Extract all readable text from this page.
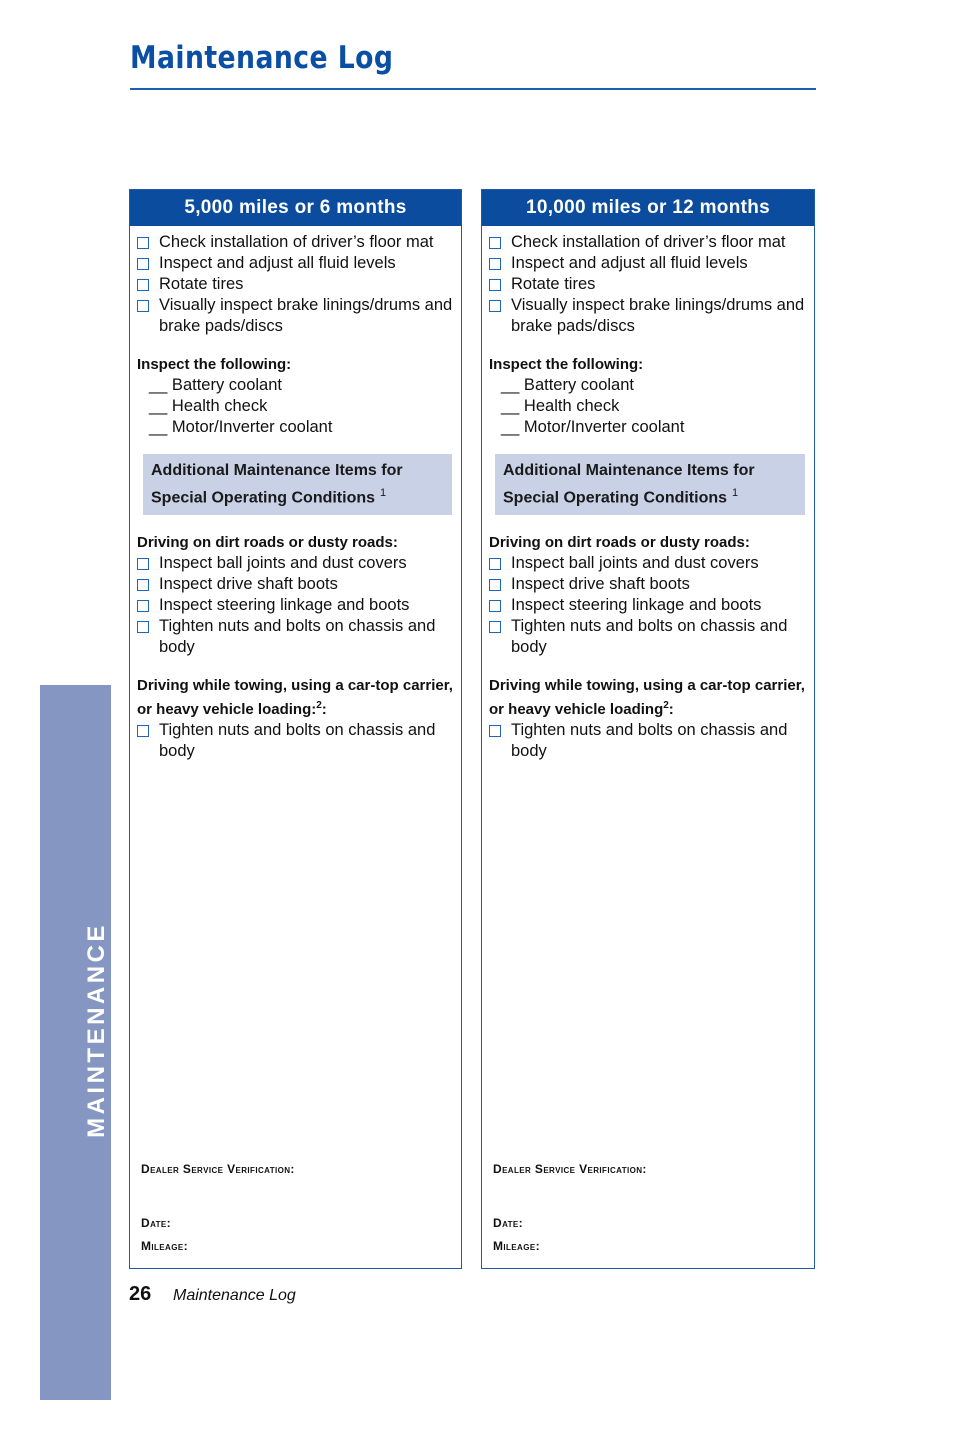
Maintenance Log
5,000 miles or 6 months
Check installation of driver’s floor mat
Inspect and adjust all fluid levels
Rotate tires
Visually inspect brake linings/drums and brake pads/discs
Inspect the following:
__ Battery coolant
__ Health check
__ Motor/Inverter coolant
Additional Maintenance Items for Special Operating Conditions $^1$
Driving on dirt roads or dusty roads:
Inspect ball joints and dust covers
Inspect drive shaft boots
Inspect steering linkage and boots
Tighten nuts and bolts on chassis and body
Driving while towing, using a car-top carrier, or heavy vehicle loading:$^2$:
Tighten nuts and bolts on chassis and body
Dealer Service Verification:
Date:
Mileage:
10,000 miles or 12 months
Check installation of driver’s floor mat
Inspect and adjust all fluid levels
Rotate tires
Visually inspect brake linings/drums and brake pads/discs
Inspect the following:
__ Battery coolant
__ Health check
__ Motor/Inverter coolant
Additional Maintenance Items for Special Operating Conditions $^1$
Driving on dirt roads or dusty roads:
Inspect ball joints and dust covers
Inspect drive shaft boots
Inspect steering linkage and boots
Tighten nuts and bolts on chassis and body
Driving while towing, using a car-top carrier, or heavy vehicle loading$^2$:
Tighten nuts and bolts on chassis and body
Dealer Service Verification:
Date:
Mileage:
MAINTENANCE
26 Maintenance Log
